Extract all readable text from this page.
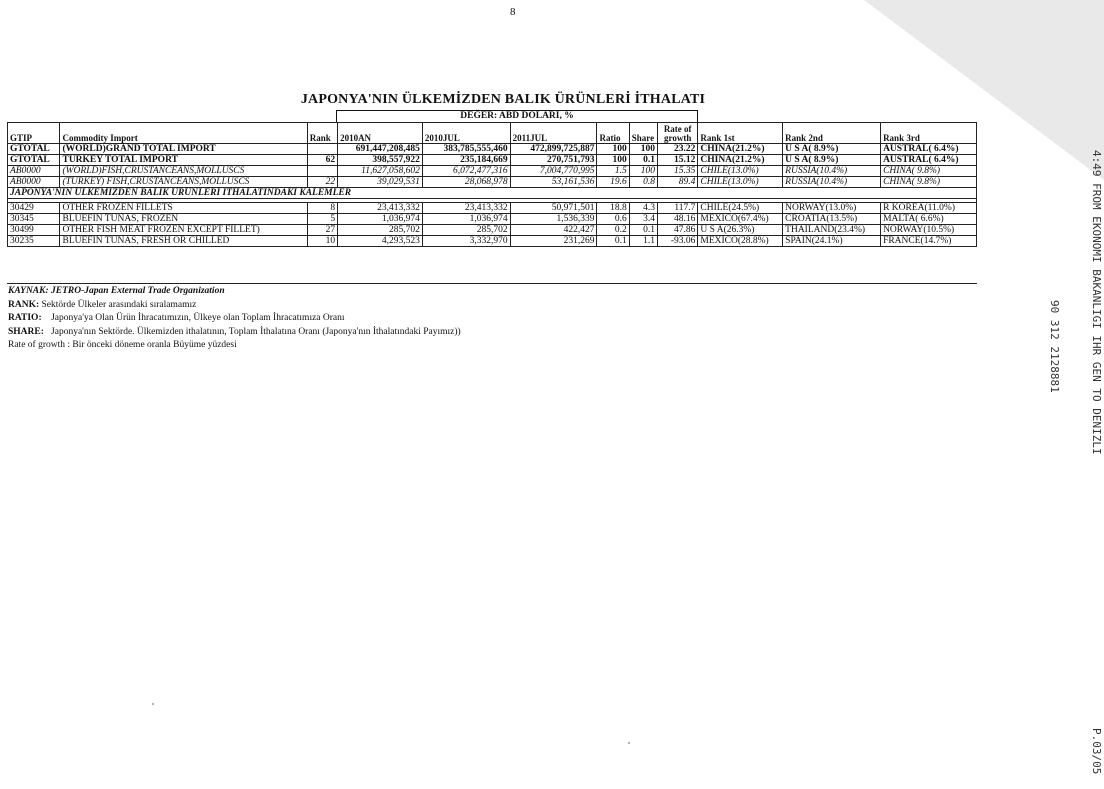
8
JAPONYA'NIN ÜLKEMİZDEN BALIK ÜRÜNLERİ İTHALATI
DEĞER: ABD DOLARI, %
GTIP	Commodity Import	Rank	2010AN	2010JUL	2011JUL	Ratio	Share	Rate of
growth	Rank 1st	Rank 2nd	Rank 3rd
GTOTAL	(WORLD)GRAND TOTAL IMPORT		691,447,208,485	383,785,555,460	472,899,725,887	100	100	23.22	CHINA(21.2%)	U S A( 8.9%)	AUSTRAL( 6.4%)
GTOTAL	TURKEY TOTAL IMPORT	62	398,557,922	235,184,669	270,751,793	100	0.1	15.12	CHINA(21.2%)	U S A( 8.9%)	AUSTRAL( 6.4%)
AB0000	(WORLD)FISH,CRUSTANCEANS,MOLLUSCS		11,627,058,602	6,072,477,316	7,004,770,995	1.5	100	15.35	CHILE(13.0%)	RUSSIA(10.4%)	CHINA( 9.8%)
AB0000	(TURKEY) FISH,CRUSTANCEANS,MOLLUSCS	22	39,029,531	28,068,978	53,161,536	19.6	0.8	89.4	CHILE(13.0%)	RUSSIA(10.4%)	CHINA( 9.8%)
JAPONYA'NIN ÜLKEMİZDEN BALIK ÜRÜNLERİ İTHALATINDAKİ KALEMLER											

30429	OTHER FROZEN FILLETS	8	23,413,332	23,413,332	50,971,501	18.8	4.3	117.7	CHILE(24.5%)	NORWAY(13.0%)	R KOREA(11.0%)
30345	BLUEFIN TUNAS, FROZEN	5	1,036,974	1,036,974	1,536,339	0.6	3.4	48.16	MEXICO(67.4%)	CROATIA(13.5%)	MALTA( 6.6%)
30499	OTHER FISH MEAT FROZEN EXCEPT FILLET)	27	285,702	285,702	422,427	0.2	0.1	47.86	U S A(26.3%)	THAILAND(23.4%)	NORWAY(10.5%)
30235	BLUEFIN TUNAS, FRESH OR CHILLED	10	4,293,523	3,332,970	231,269	0.1	1.1	-93.06	MEXICO(28.8%)	SPAIN(24.1%)	FRANCE(14.7%)
KAYNAK: JETRO-Japan External Trade Organization
RANK: Sektörde Ülkeler arasındaki sıralamamız
RATIO: Japonya'ya Olan Ürün İhracatımızın, Ülkeye olan Toplam İhracatımıza Oranı
SHARE: Japonya'nın Sektörde. Ülkemizden ithalatının, Toplam İthalatına Oranı (Japonya'nın İthalatındaki Payımız))
Rate of growth : Bir önceki döneme oranla Büyüme yüzdesi	4:49 FROM EKONOMI BAKANLIGI IHR GEN TO DENIZLI
90 312 2128881
P.03/05
